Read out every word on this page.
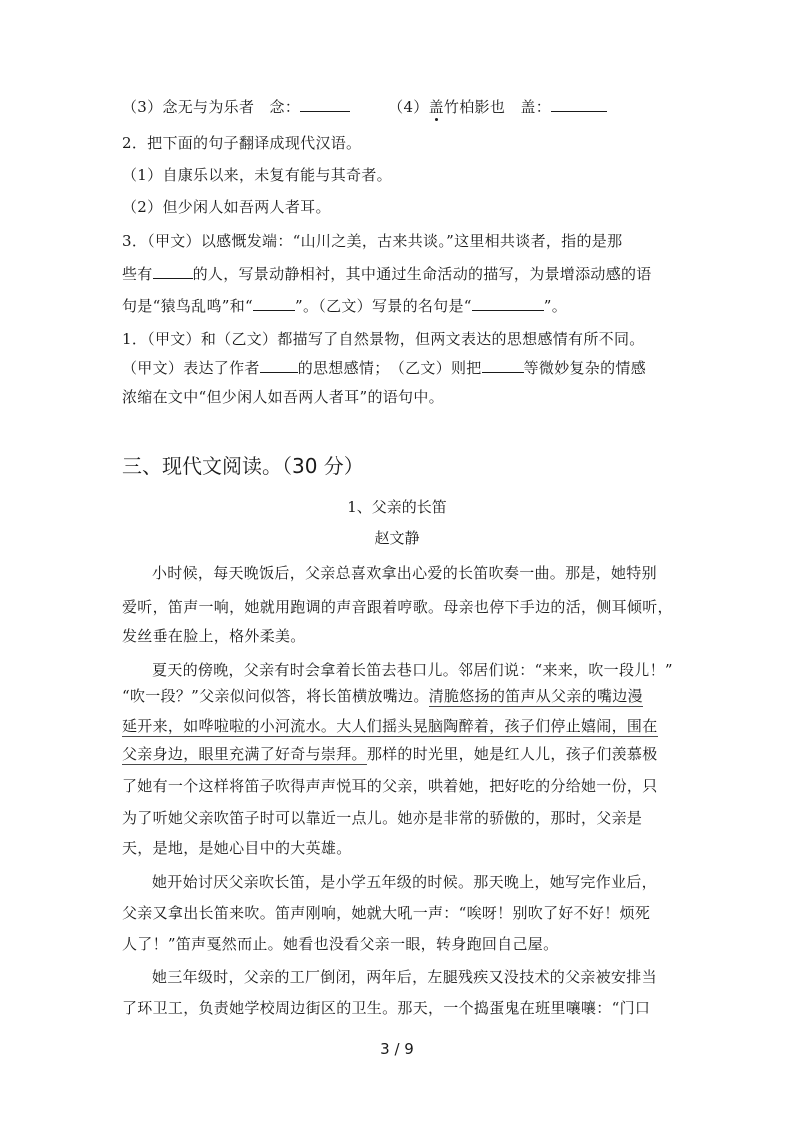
（3）念无与为乐者　念：	（4）盖竹柏影也　盖：
2．把下面的句子翻译成现代汉语。
（1）自康乐以来，未复有能与其奇者。
（2）但少闲人如吾两人者耳。
3．（甲文）以感慨发端：“山川之美，古来共谈。”这里相共谈者，指的是那
些有	的人，写景动静相衬，其中通过生命活动的描写，为景增添动感的语
句是“猿鸟乱鸣”和“	”。（乙文）写景的名句是“	”。
1．（甲文）和（乙文）都描写了自然景物，但两文表达的思想感情有所不同。
（甲文）表达了作者	的思想感情；　（乙文）则把	等微妙复杂的情感
浓缩在文中“但少闲人如吾两人者耳”的语句中。
三、现代文阅读。（30 分）
1、父亲的长笛
赵文静
小时候，每天晚饭后，父亲总喜欢拿出心爱的长笛吹奏一曲。那是，她特别
爱听，笛声一响，她就用跑调的声音跟着哼歌。母亲也停下手边的活，侧耳倾听，
发丝垂在脸上，格外柔美。
夏天的傍晚，父亲有时会拿着长笛去巷口儿。邻居们说：“来来，吹一段儿！”
“吹一段？”父亲似问似答，将长笛横放嘴边。清脆悠扬的笛声从父亲的嘴边漫
延开来，如哗啦啦的小河流水。大人们摇头晃脑陶醉着，孩子们停止嬉闹，围在
父亲身边，眼里充满了好奇与崇拜。那样的时光里，她是红人儿，孩子们羡慕极
了她有一个这样将笛子吹得声声悦耳的父亲，哄着她，把好吃的分给她一份，只
为了听她父亲吹笛子时可以靠近一点儿。她亦是非常的骄傲的，那时，父亲是
天，是地，是她心目中的大英雄。
她开始讨厌父亲吹长笛，是小学五年级的时候。那天晚上，她写完作业后，
父亲又拿出长笛来吹。笛声刚响，她就大吼一声：“唉呀！别吹了好不好！烦死
人了！”笛声戛然而止。她看也没看父亲一眼，转身跑回自己屋。
她三年级时，父亲的工厂倒闭，两年后，左腿残疾又没技术的父亲被安排当
了环卫工，负责她学校周边街区的卫生。那天，一个捣蛋鬼在班里嚷嚷：“门口
3 / 9
